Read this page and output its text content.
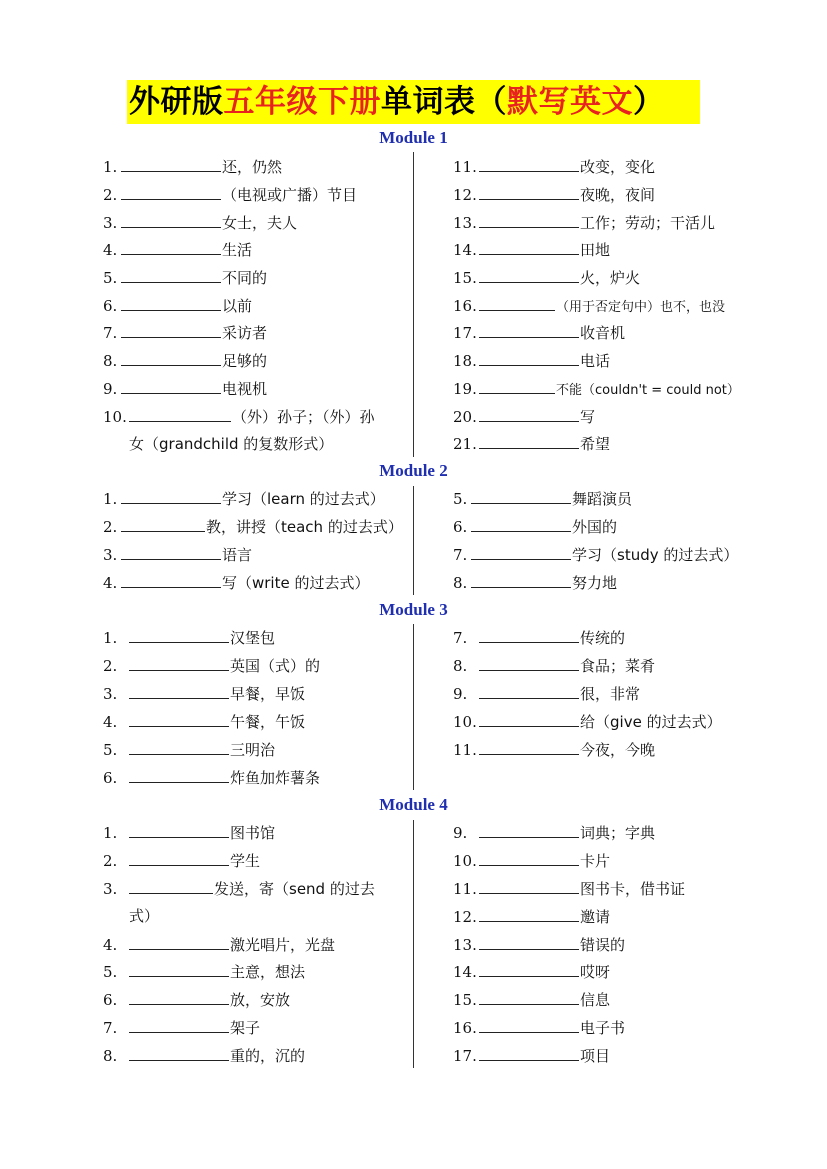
外研版五年级下册单词表（默写英文）
Module 1
1.	还，仍然
2.	（电视或广播）节目
3.	女士，夫人
4.	生活
5.	不同的
6.	以前
7.	采访者
8.	足够的
9.	电视机
10.	（外）孙子；（外）孙
女（grandchild 的复数形式）
11.	改变，变化
12.	夜晚，夜间
13.	工作；劳动；干活儿
14.	田地
15.	火，炉火
16.	（用于否定句中）也不，也没
17.	收音机
18.	电话
19.	不能（couldn't = could not）
20.	写
21.	希望
Module 2
1.	学习（learn 的过去式）
2.	教，讲授（teach 的过去式）
3.	语言
4.	写（write 的过去式）
5.	舞蹈演员
6.	外国的
7.	学习（study 的过去式）
8.	努力地
Module 3
1.	汉堡包
2.	英国（式）的
3.	早餐，早饭
4.	午餐，午饭
5.	三明治
6.	炸鱼加炸薯条
7.	传统的
8.	食品；菜肴
9.	很，非常
10.	给（give 的过去式）
11.	今夜，今晚
Module 4
1.	图书馆
2.	学生
3.	发送，寄（send 的过去
式）
4.	激光唱片，光盘
5.	主意，想法
6.	放，安放
7.	架子
8.	重的，沉的
9.	词典；字典
10.	卡片
11.	图书卡，借书证
12.	邀请
13.	错误的
14.	哎呀
15.	信息
16.	电子书
17.	项目
